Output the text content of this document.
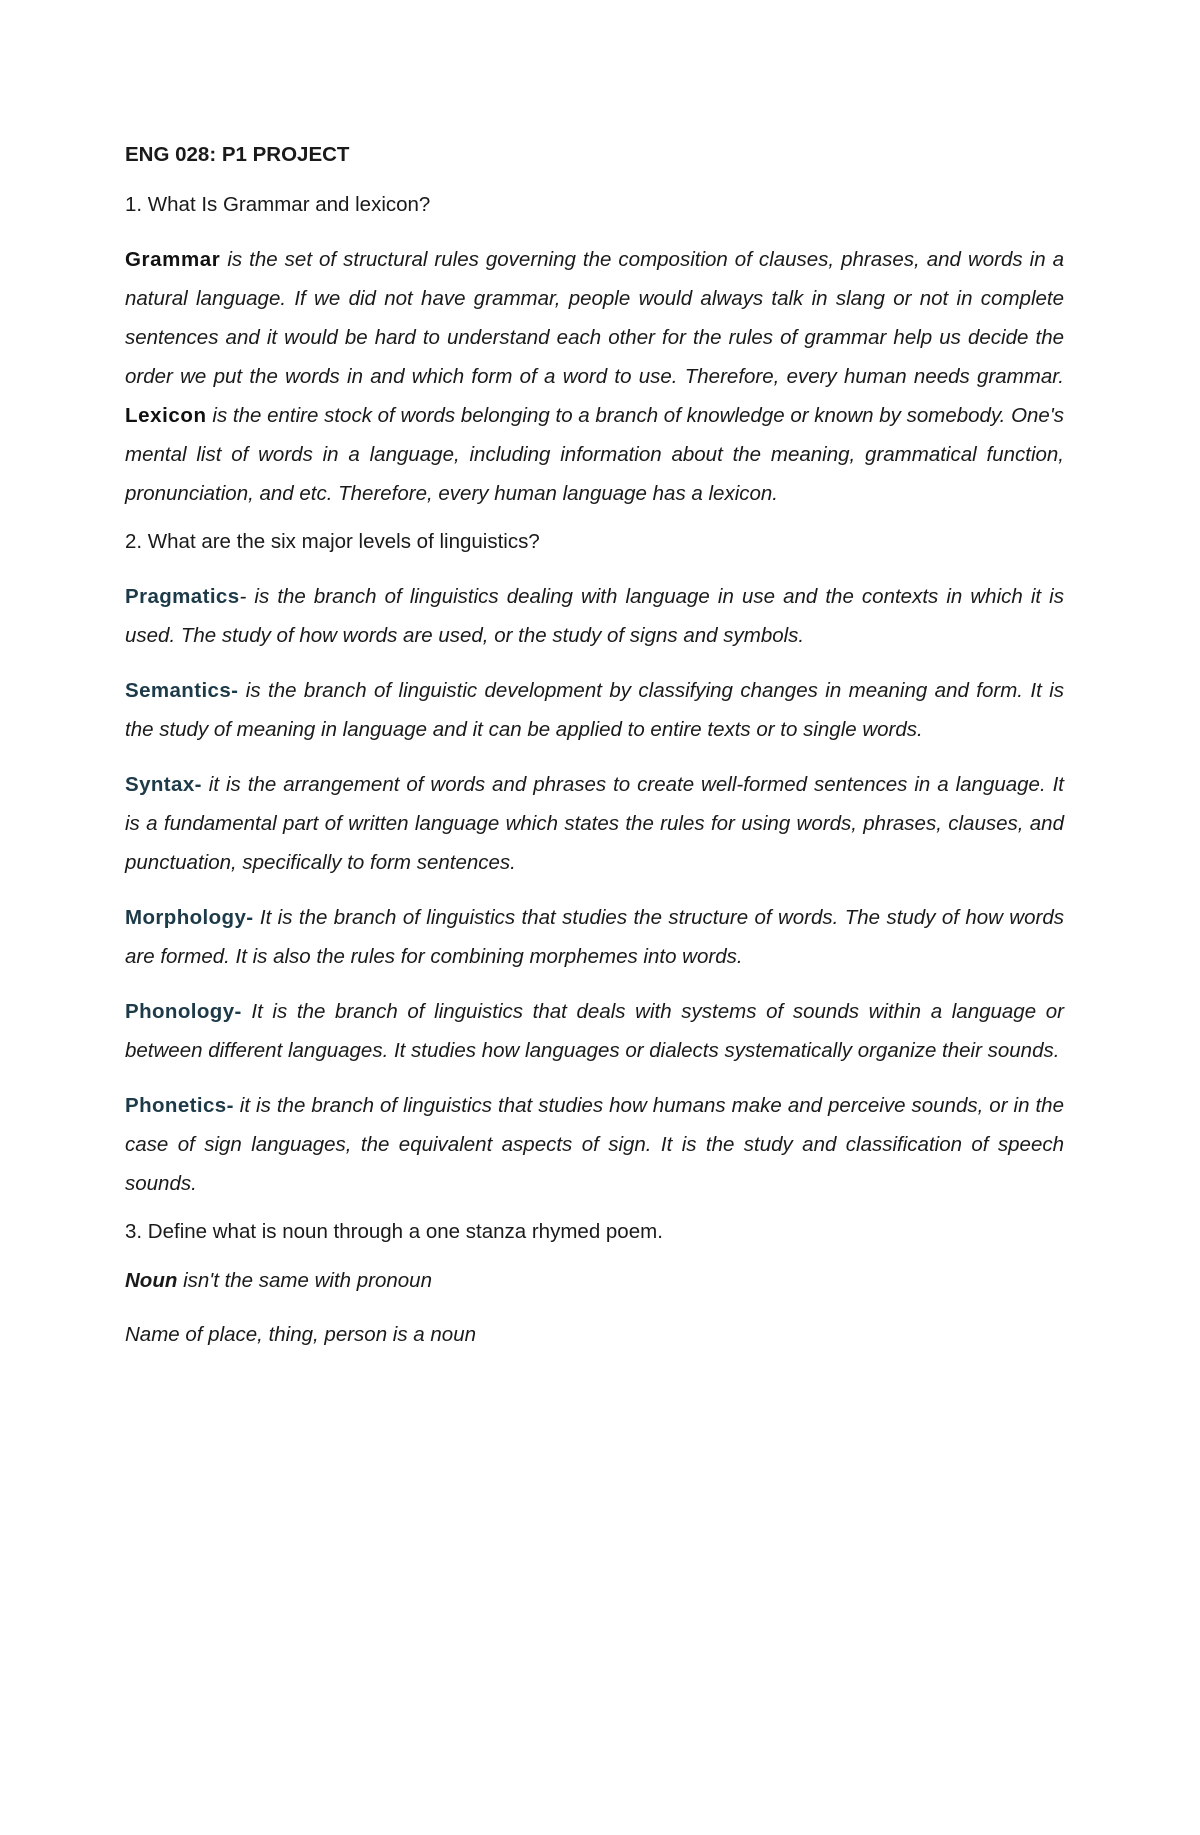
ENG 028: P1 PROJECT
1. What Is Grammar and lexicon?
Grammar is the set of structural rules governing the composition of clauses, phrases, and words in a natural language. If we did not have grammar, people would always talk in slang or not in complete sentences and it would be hard to understand each other for the rules of grammar help us decide the order we put the words in and which form of a word to use. Therefore, every human needs grammar. Lexicon is the entire stock of words belonging to a branch of knowledge or known by somebody. One's mental list of words in a language, including information about the meaning, grammatical function, pronunciation, and etc. Therefore, every human language has a lexicon.
2. What are the six major levels of linguistics?
Pragmatics- is the branch of linguistics dealing with language in use and the contexts in which it is used. The study of how words are used, or the study of signs and symbols.
Semantics- is the branch of linguistic development by classifying changes in meaning and form. It is the study of meaning in language and it can be applied to entire texts or to single words.
Syntax- it is the arrangement of words and phrases to create well-formed sentences in a language. It is a fundamental part of written language which states the rules for using words, phrases, clauses, and punctuation, specifically to form sentences.
Morphology- It is the branch of linguistics that studies the structure of words. The study of how words are formed. It is also the rules for combining morphemes into words.
Phonology- It is the branch of linguistics that deals with systems of sounds within a language or between different languages. It studies how languages or dialects systematically organize their sounds.
Phonetics- it is the branch of linguistics that studies how humans make and perceive sounds, or in the case of sign languages, the equivalent aspects of sign. It is the study and classification of speech sounds.
3. Define what is noun through a one stanza rhymed poem.
Noun isn't the same with pronoun
Name of place, thing, person is a noun
